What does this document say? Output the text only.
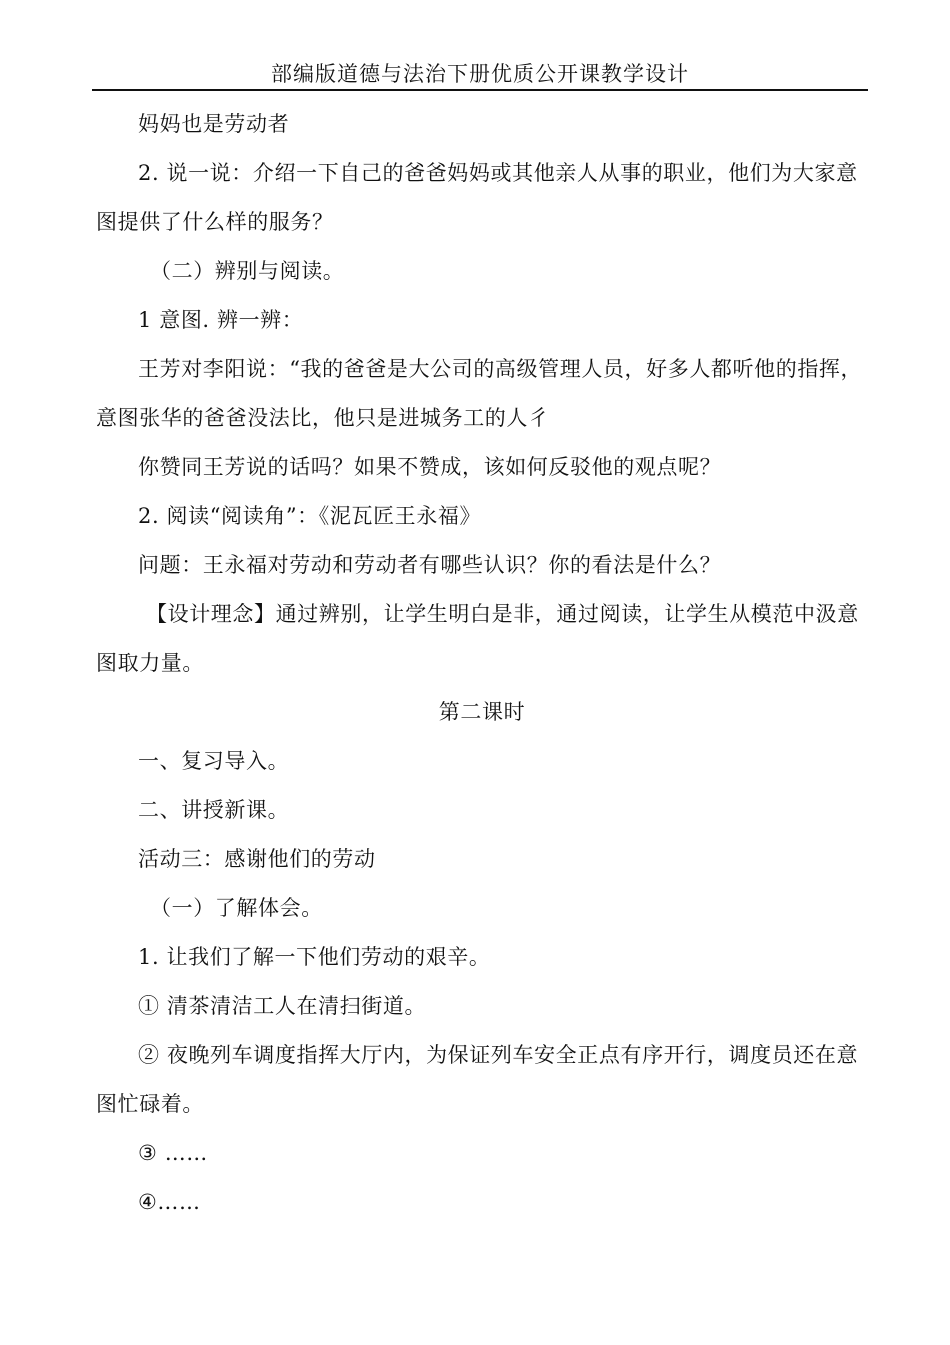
部编版道德与法治下册优质公开课教学设计

妈妈也是劳动者

2. 说一说：介绍一下自己的爸爸妈妈或其他亲人从事的职业，他们为大家意图提供了什么样的服务？

（二）辨别与阅读。

1 意图. 辨一辨：

王芳对李阳说：“我的爸爸是大公司的高级管理人员，好多人都听他的指挥，意图张华的爸爸没法比，他只是进城务工的人彳

你赞同王芳说的话吗？如果不赞成，该如何反驳他的观点呢？

2. 阅读“阅读角”：《泥瓦匠王永福》

问题：王永福对劳动和劳动者有哪些认识？你的看法是什么？

【设计理念】通过辨别，让学生明白是非，通过阅读，让学生从模范中汲意图取力量。

第二课时

一、复习导入。

二、讲授新课。

活动三：感谢他们的劳动

（一）了解体会。

1. 让我们了解一下他们劳动的艰辛。

① 清茶清洁工人在清扫街道。

② 夜晚列车调度指挥大厅内，为保证列车安全正点有序开行，调度员还在意图忙碌着。

③ ……

④……
